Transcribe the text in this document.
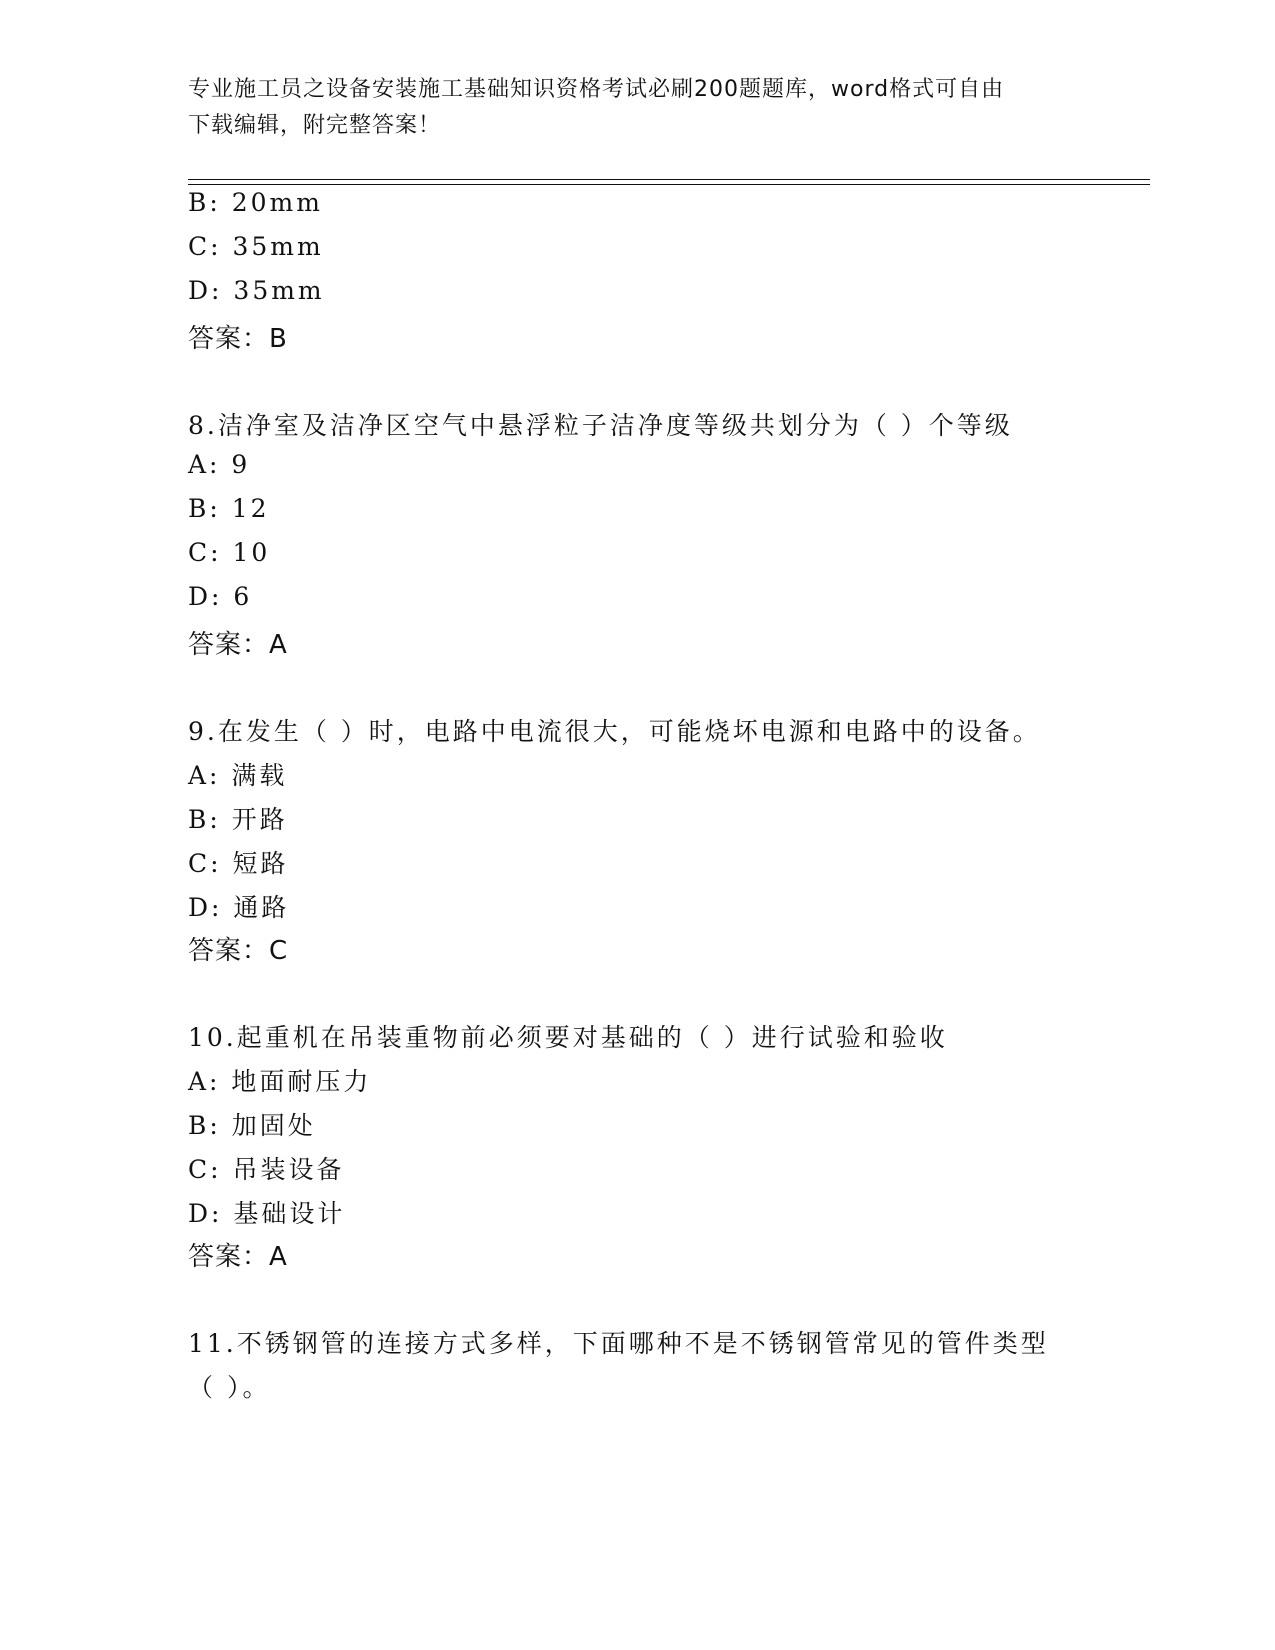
专业施工员之设备安装施工基础知识资格考试必刷200题题库，word格式可自由
下载编辑，附完整答案！
B: 20mm
C: 35mm
D: 35mm
答案：B
8.洁净室及洁净区空气中悬浮粒子洁净度等级共划分为（ ）个等级
A: 9
B: 12
C: 10
D: 6
答案：A
9.在发生（ ）时，电路中电流很大，可能烧坏电源和电路中的设备。
A: 满载
B: 开路
C: 短路
D: 通路
答案：C
10.起重机在吊装重物前必须要对基础的（ ）进行试验和验收
A: 地面耐压力
B: 加固处
C: 吊装设备
D: 基础设计
答案：A
11.不锈钢管的连接方式多样，下面哪种不是不锈钢管常见的管件类型
（ ）。
